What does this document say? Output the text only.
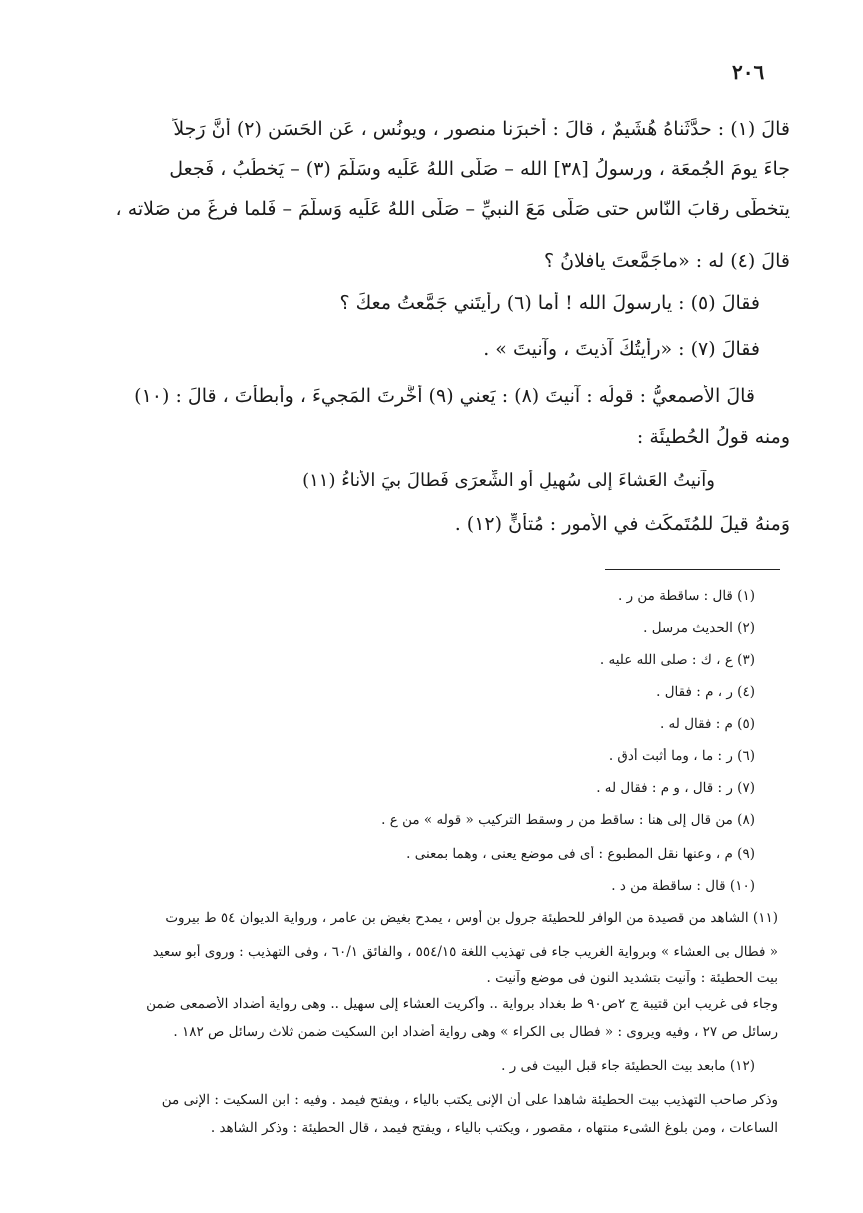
٢٠٦
قالَ (١) : حدَّثَناهُ هُشَيمٌ ، قالَ : أخبرَنا منصور ، ويونُس ، عَن الحَسَن (٢) أَنَّ رَجلاً
جاءَ يومَ الجُمعَة ، ورسولُ [٣٨] الله – صَلَّى اللهُ عَلَيه وسَلَّمَ (٣) – يَخطُبُ ، فَجعل
يتخطَّى رِقابَ النّاس حتى صَلَّى مَعَ النبيِّ – صَلَّى اللهُ عَلَيه وَسلَّمَ – فَلما فرغَ من صَلاته ،
قالَ (٤) له : «ماجَمَّعتَ يافلانُ ؟
فقالَ (٥) : يارسولَ الله ! أما (٦) رأيتَني جَمَّعتُ معكَ ؟
فقالَ (٧) : «رأيتُكَ آذيتَ ، وآنيتَ » .
قالَ الأَصمعيُّ : قولُه : آنيتَ (٨) : يَعني (٩) أخَّرتَ المَجيءَ ، وأبطأتَ ، قالَ : (١٠)
ومنه قولُ الحُطيئَة :
وآنيتُ العَشاءَ إلى سُهيلٍ أوِ الشِّعرَى فَطالَ بيَ الأَناءُ (١١)
وَمنهُ قيلَ للمُتَمكِّث في الأُمورِ : مُتأَنٍّ (١٢) .
(١) قال : ساقطة من ر .
(٢) الحديث مرسل .
(٣) ع ، ك : صلى الله عليه .
(٤) ر ، م : فقال .
(٥) م : فقال له .
(٦) ر : ما ، وما أثبت أدق .
(٧) ر : قال ، و م : فقال له .
(٨) من قال إلى هنا : ساقط من ر وسقط التركيب « قوله » من ع .
(٩) م ، وعنها نقل المطبوع : أى فى موضع يعنى ، وهما بمعنى .
(١٠) قال : ساقطة من د .
(١١) الشاهد من قصيدة من الوافر للحطيئة جرول بن أوس ، يمدح بغيض بن عامر ، ورواية الديوان ٥٤ ط بيروت
« فطال بى العشاء » وبرواية الغريب جاء فى تهذيب اللغة ٥٥٤/١٥ ، والفائق ٦٠/١ ، وفى التهذيب : وروى أبو سعيد
بيت الحطيئة : وآنيت بتشديد النون فى موضع وآنيت .
وجاء فى غريب ابن قتيبة ج ٢ص٩٠ ط بغداد برواية .. وأكريت العشاء إلى سهيل .. وهى رواية أضداد الأصمعى ضمن
رسائل ص ٢٧ ، وفيه ويروى : « فطال بى الكراء » وهى رواية أضداد ابن السكيت ضمن ثلاث رسائل ص ١٨٢ .
(١٢) مابعد بيت الحطيئة جاء قبل البيت فى ر .
وذكر صاحب التهذيب بيت الحطيئة شاهدا على أن الإنى يكتب بالياء ، ويفتح فيمد . وفيه : ابن السكيت : الإنى من
الساعات ، ومن بلوغ الشىء منتهاه ، مقصور ، ويكتب بالياء ، ويفتح فيمد ، قال الحطيئة : وذكر الشاهد .
